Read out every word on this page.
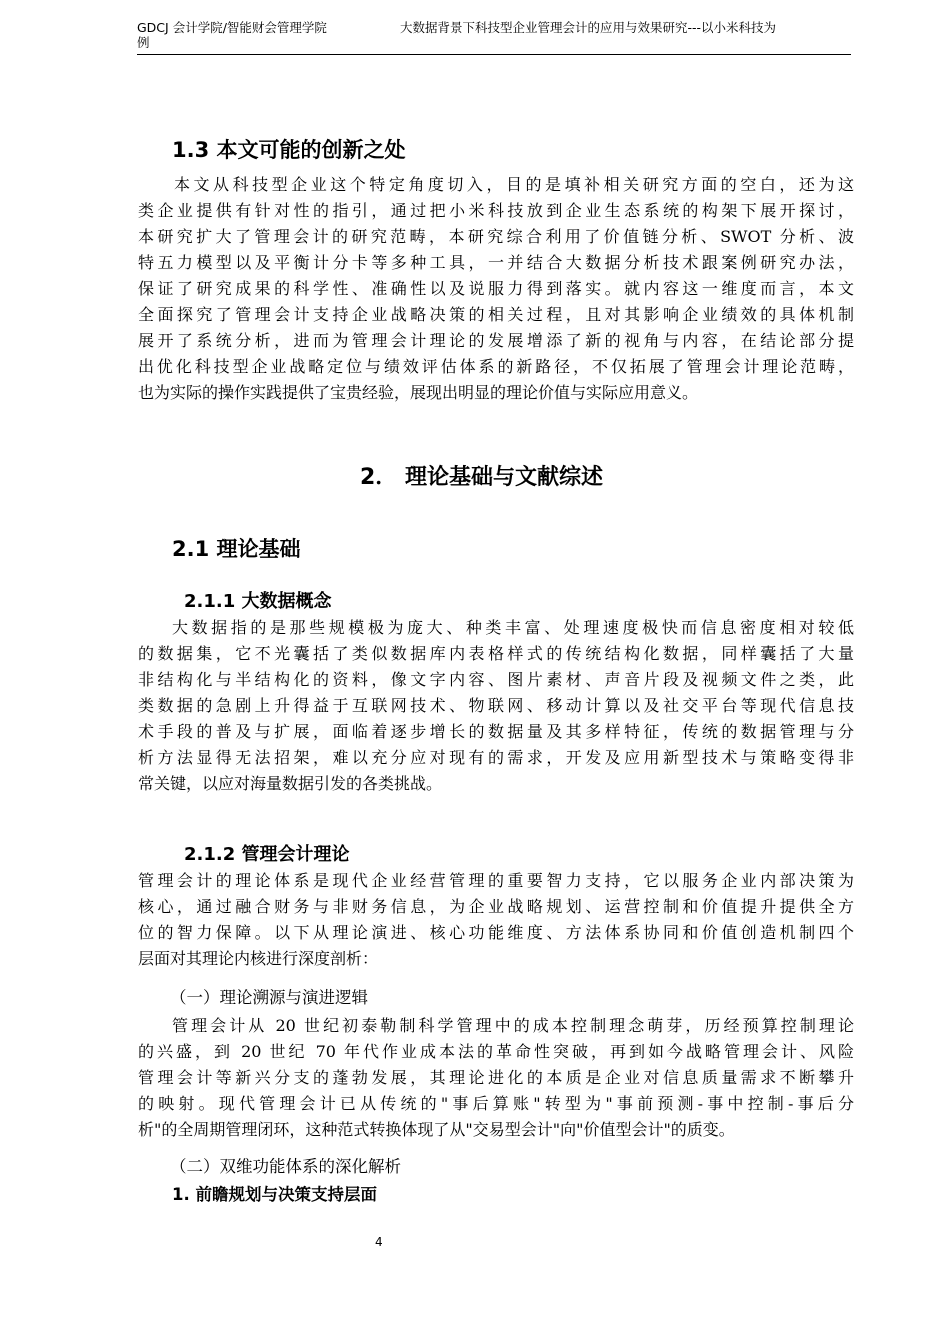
GDCJ 会计学院/智能财会管理学院	大数据背景下科技型企业管理会计的应用与效果研究---以小米科技为
例
1.3 本文可能的创新之处
本文从科技型企业这个特定角度切入，目的是填补相关研究方面的空白，还为这
类企业提供有针对性的指引，通过把小米科技放到企业生态系统的构架下展开探讨，
本研究扩大了管理会计的研究范畴，本研究综合利用了价值链分析、SWOT 分析、波
特五力模型以及平衡计分卡等多种工具，一并结合大数据分析技术跟案例研究办法，
保证了研究成果的科学性、准确性以及说服力得到落实。就内容这一维度而言，本文
全面探究了管理会计支持企业战略决策的相关过程，且对其影响企业绩效的具体机制
展开了系统分析，进而为管理会计理论的发展增添了新的视角与内容，在结论部分提
出优化科技型企业战略定位与绩效评估体系的新路径，不仅拓展了管理会计理论范畴，
也为实际的操作实践提供了宝贵经验，展现出明显的理论价值与实际应用意义。
2． 理论基础与文献综述
2.1 理论基础
2.1.1 大数据概念
大数据指的是那些规模极为庞大、种类丰富、处理速度极快而信息密度相对较低
的数据集，它不光囊括了类似数据库内表格样式的传统结构化数据，同样囊括了大量
非结构化与半结构化的资料，像文字内容、图片素材、声音片段及视频文件之类，此
类数据的急剧上升得益于互联网技术、物联网、移动计算以及社交平台等现代信息技
术手段的普及与扩展，面临着逐步增长的数据量及其多样特征，传统的数据管理与分
析方法显得无法招架，难以充分应对现有的需求，开发及应用新型技术与策略变得非
常关键，以应对海量数据引发的各类挑战。
2.1.2 管理会计理论
管理会计的理论体系是现代企业经营管理的重要智力支持，它以服务企业内部决策为
核心，通过融合财务与非财务信息，为企业战略规划、运营控制和价值提升提供全方
位的智力保障。以下从理论演进、核心功能维度、方法体系协同和价值创造机制四个
层面对其理论内核进行深度剖析：
（一）理论溯源与演进逻辑
管理会计从 20 世纪初泰勒制科学管理中的成本控制理念萌芽，历经预算控制理论
的兴盛，到 20 世纪 70 年代作业成本法的革命性突破，再到如今战略管理会计、风险
管理会计等新兴分支的蓬勃发展，其理论进化的本质是企业对信息质量需求不断攀升
的映射。现代管理会计已从传统的"事后算账"转型为"事前预测-事中控制-事后分
析"的全周期管理闭环，这种范式转换体现了从"交易型会计"向"价值型会计"的质变。
（二）双维功能体系的深化解析
1. 前瞻规划与决策支持层面
4
